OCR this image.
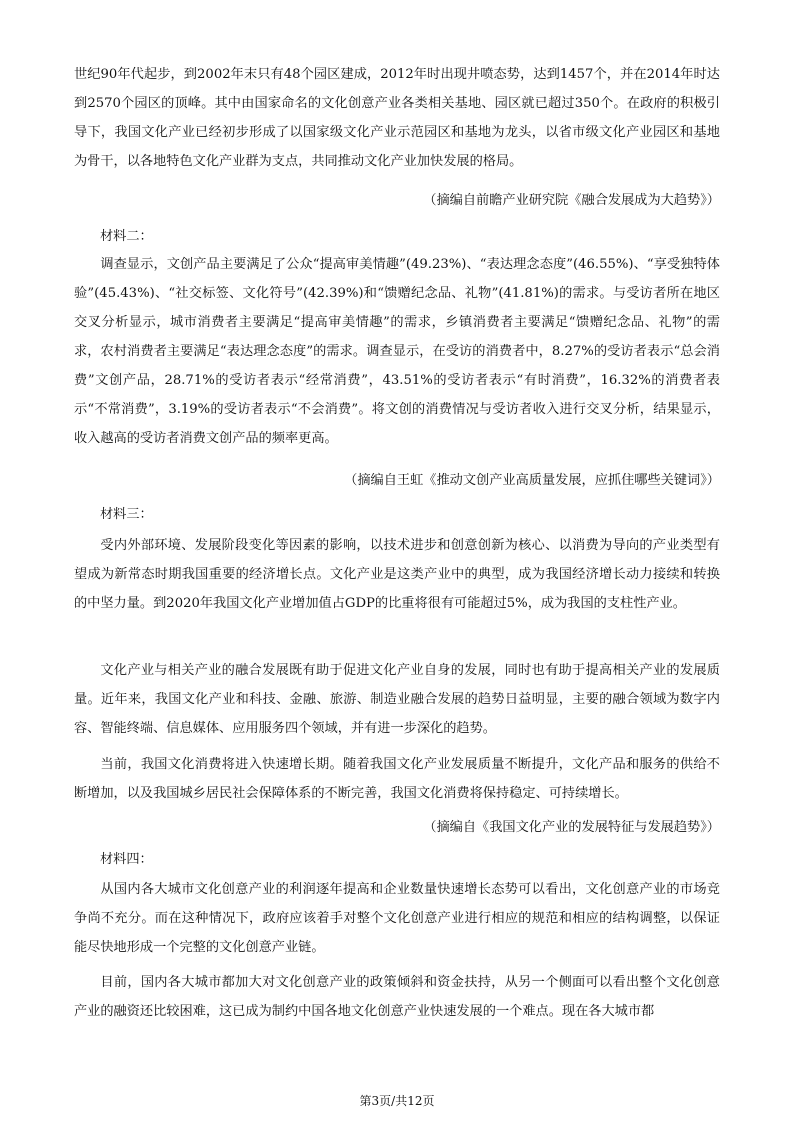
世纪90年代起步，到2002年末只有48个园区建成，2012年时出现井喷态势，达到1457个，并在2014年时达到2570个园区的顶峰。其中由国家命名的文化创意产业各类相关基地、园区就已超过350个。在政府的积极引导下，我国文化产业已经初步形成了以国家级文化产业示范园区和基地为龙头，以省市级文化产业园区和基地为骨干，以各地特色文化产业群为支点，共同推动文化产业加快发展的格局。

（摘编自前瞻产业研究院《融合发展成为大趋势》）

材料二：

调查显示，文创产品主要满足了公众“提高审美情趣”(49.23%)、“表达理念态度”(46.55%)、“享受独特体验”(45.43%)、“社交标签、文化符号”(42.39%)和“馈赠纪念品、礼物”(41.81%)的需求。与受访者所在地区交叉分析显示，城市消费者主要满足“提高审美情趣”的需求，乡镇消费者主要满足“馈赠纪念品、礼物”的需求，农村消费者主要满足“表达理念态度”的需求。调查显示，在受访的消费者中，8.27%的受访者表示“总会消费”文创产品，28.71%的受访者表示“经常消费”，43.51%的受访者表示“有时消费”，16.32%的消费者表示“不常消费”，3.19%的受访者表示“不会消费”。将文创的消费情况与受访者收入进行交叉分析，结果显示，收入越高的受访者消费文创产品的频率更高。

（摘编自王虹《推动文创产业高质量发展，应抓住哪些关键词》）

材料三：

受内外部环境、发展阶段变化等因素的影响，以技术进步和创意创新为核心、以消费为导向的产业类型有望成为新常态时期我国重要的经济增长点。文化产业是这类产业中的典型，成为我国经济增长动力接续和转换的中坚力量。到2020年我国文化产业增加值占GDP的比重将很有可能超过5%，成为我国的支柱性产业。

文化产业与相关产业的融合发展既有助于促进文化产业自身的发展，同时也有助于提高相关产业的发展质量。近年来，我国文化产业和科技、金融、旅游、制造业融合发展的趋势日益明显，主要的融合领域为数字内容、智能终端、信息媒体、应用服务四个领域，并有进一步深化的趋势。

当前，我国文化消费将进入快速增长期。随着我国文化产业发展质量不断提升，文化产品和服务的供给不断增加，以及我国城乡居民社会保障体系的不断完善，我国文化消费将保持稳定、可持续增长。

（摘编自《我国文化产业的发展特征与发展趋势》）

材料四：

从国内各大城市文化创意产业的利润逐年提高和企业数量快速增长态势可以看出，文化创意产业的市场竞争尚不充分。而在这种情况下，政府应该着手对整个文化创意产业进行相应的规范和相应的结构调整，以保证能尽快地形成一个完整的文化创意产业链。

目前，国内各大城市都加大对文化创意产业的政策倾斜和资金扶持，从另一个侧面可以看出整个文化创意产业的融资还比较困难，这已成为制约中国各地文化创意产业快速发展的一个难点。现在各大城市都

第3页/共12页
